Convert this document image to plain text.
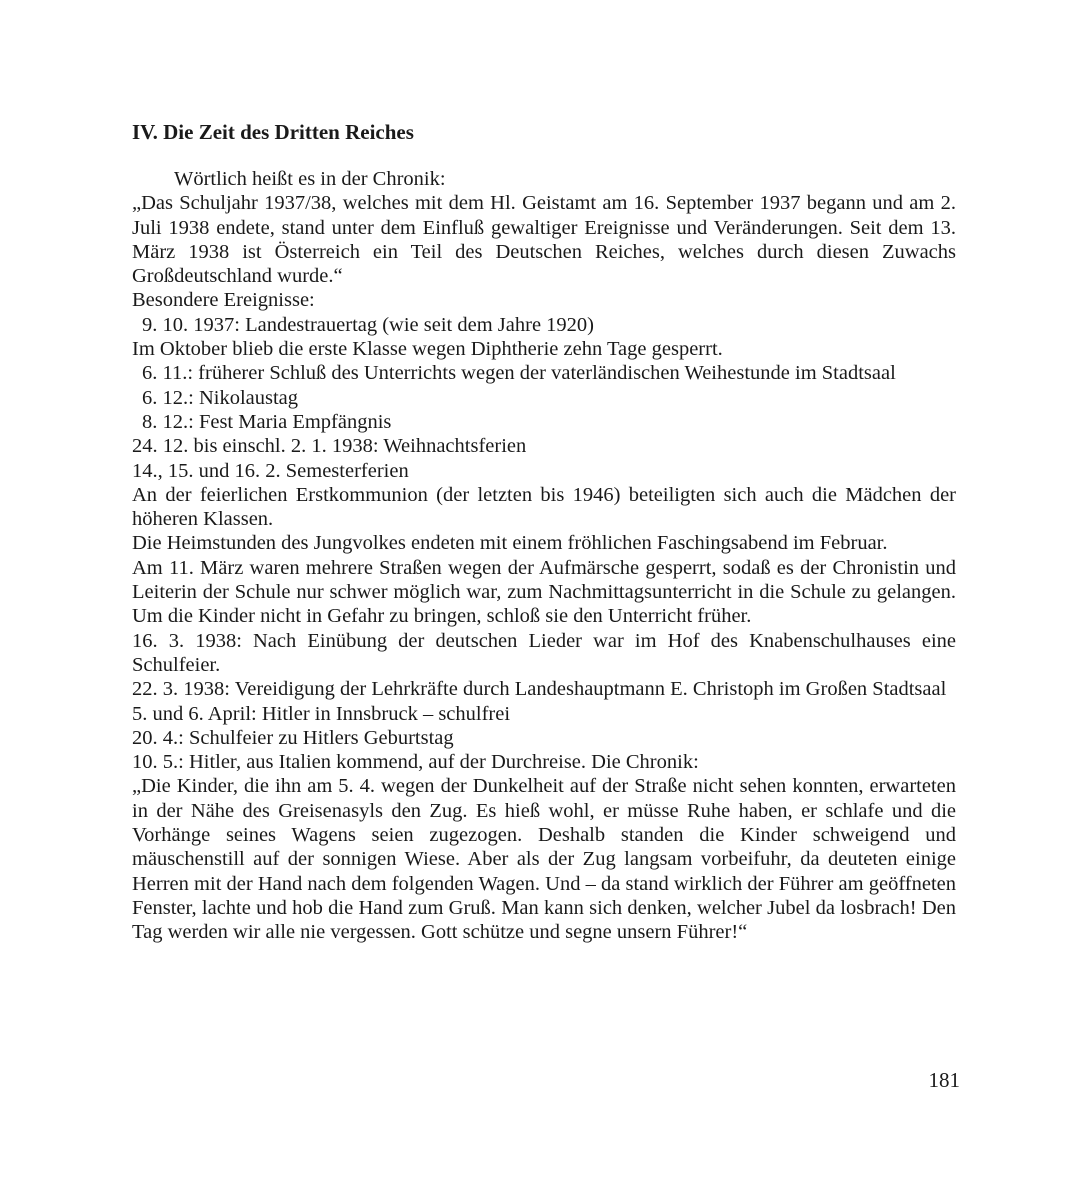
IV. Die Zeit des Dritten Reiches

Wörtlich heißt es in der Chronik:

„Das Schuljahr 1937/38, welches mit dem Hl. Geistamt am 16. September 1937 begann und am 2. Juli 1938 endete, stand unter dem Einfluß gewaltiger Ereignisse und Veränderungen. Seit dem 13. März 1938 ist Österreich ein Teil des Deutschen Reiches, welches durch diesen Zuwachs Großdeutschland wurde.“

Besondere Ereignisse:

9. 10. 1937: Landestrauertag (wie seit dem Jahre 1920)

Im Oktober blieb die erste Klasse wegen Diphtherie zehn Tage gesperrt.

6. 11.: früherer Schluß des Unterrichts wegen der vaterländischen Weihestunde im Stadtsaal

6. 12.: Nikolaustag

8. 12.: Fest Maria Empfängnis

24. 12. bis einschl. 2. 1. 1938: Weihnachtsferien

14., 15. und 16. 2. Semesterferien

An der feierlichen Erstkommunion (der letzten bis 1946) beteiligten sich auch die Mädchen der höheren Klassen.

Die Heimstunden des Jungvolkes endeten mit einem fröhlichen Faschingsabend im Februar.

Am 11. März waren mehrere Straßen wegen der Aufmärsche gesperrt, sodaß es der Chronistin und Leiterin der Schule nur schwer möglich war, zum Nachmittagsunterricht in die Schule zu gelangen. Um die Kinder nicht in Gefahr zu bringen, schloß sie den Unterricht früher.

16. 3. 1938: Nach Einübung der deutschen Lieder war im Hof des Knabenschulhauses eine Schulfeier.

22. 3. 1938: Vereidigung der Lehrkräfte durch Landeshauptmann E. Christoph im Großen Stadtsaal

5. und 6. April: Hitler in Innsbruck – schulfrei

20. 4.: Schulfeier zu Hitlers Geburtstag

10. 5.: Hitler, aus Italien kommend, auf der Durchreise. Die Chronik:

„Die Kinder, die ihn am 5. 4. wegen der Dunkelheit auf der Straße nicht sehen konnten, erwarteten in der Nähe des Greisenasyls den Zug. Es hieß wohl, er müsse Ruhe haben, er schlafe und die Vorhänge seines Wagens seien zugezogen. Deshalb standen die Kinder schweigend und mäuschenstill auf der sonnigen Wiese. Aber als der Zug langsam vorbeifuhr, da deuteten einige Herren mit der Hand nach dem folgenden Wagen. Und – da stand wirklich der Führer am geöffneten Fenster, lachte und hob die Hand zum Gruß. Man kann sich denken, welcher Jubel da losbrach! Den Tag werden wir alle nie vergessen. Gott schütze und segne unsern Führer!“

181
